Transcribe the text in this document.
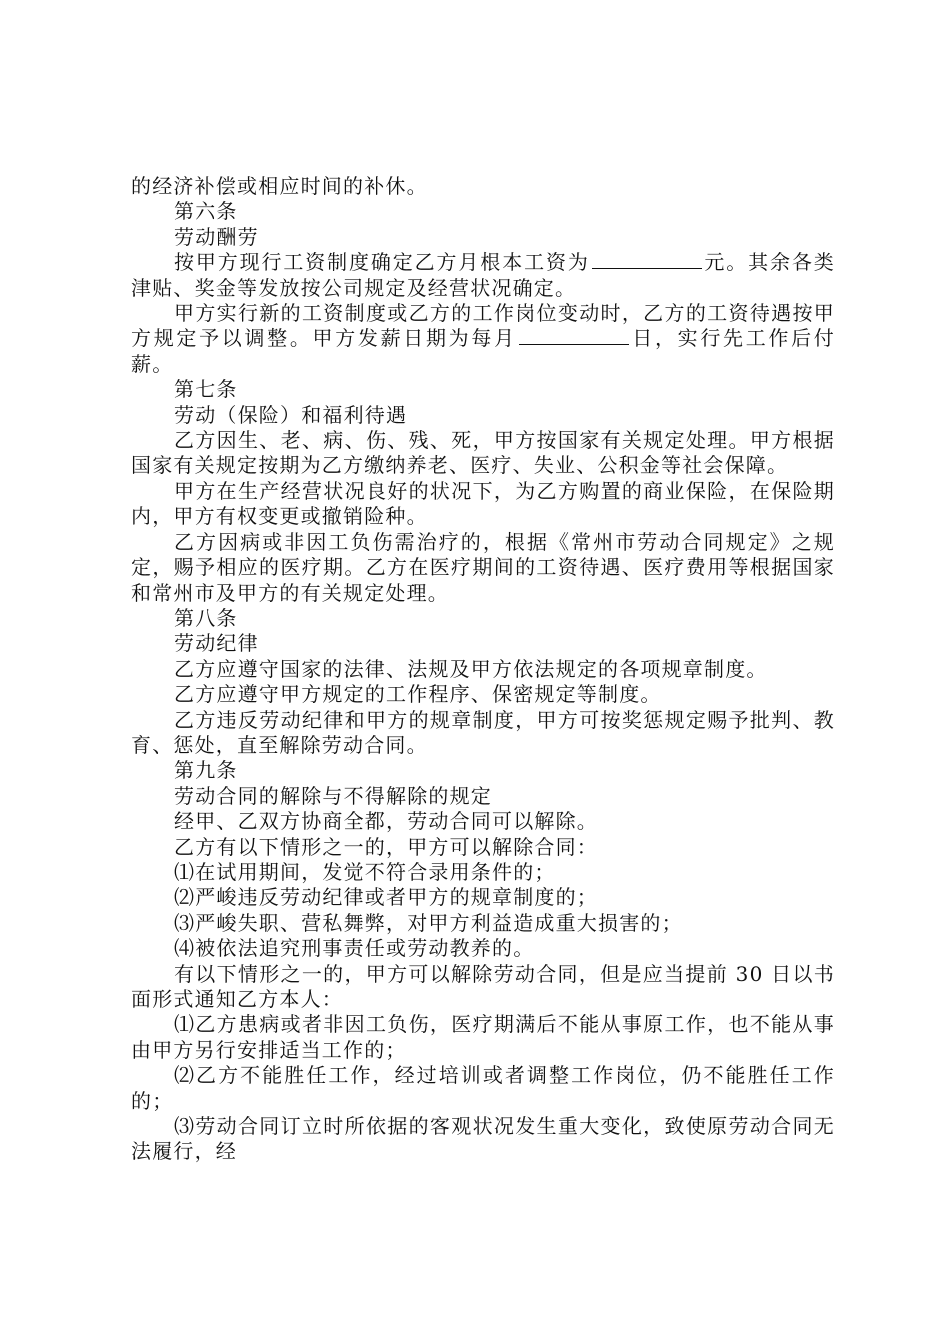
的经济补偿或相应时间的补休。

第六条

劳动酬劳

按甲方现行工资制度确定乙方月根本工资为	元。其余各类津贴、奖金等发放按公司规定及经营状况确定。

甲方实行新的工资制度或乙方的工作岗位变动时，乙方的工资待遇按甲方规定予以调整。甲方发薪日期为每月	日，实行先工作后付薪。

第七条

劳动（保险）和福利待遇

乙方因生、老、病、伤、残、死，甲方按国家有关规定处理。甲方根据国家有关规定按期为乙方缴纳养老、医疗、失业、公积金等社会保障。

甲方在生产经营状况良好的状况下，为乙方购置的商业保险，在保险期内，甲方有权变更或撤销险种。

乙方因病或非因工负伤需治疗的，根据《常州市劳动合同规定》之规定，赐予相应的医疗期。乙方在医疗期间的工资待遇、医疗费用等根据国家和常州市及甲方的有关规定处理。

第八条

劳动纪律

乙方应遵守国家的法律、法规及甲方依法规定的各项规章制度。

乙方应遵守甲方规定的工作程序、保密规定等制度。

乙方违反劳动纪律和甲方的规章制度，甲方可按奖惩规定赐予批判、教育、惩处，直至解除劳动合同。

第九条

劳动合同的解除与不得解除的规定

经甲、乙双方协商全都，劳动合同可以解除。

乙方有以下情形之一的，甲方可以解除合同：

⑴在试用期间，发觉不符合录用条件的；

⑵严峻违反劳动纪律或者甲方的规章制度的；

⑶严峻失职、营私舞弊，对甲方利益造成重大损害的；

⑷被依法追究刑事责任或劳动教养的。

有以下情形之一的，甲方可以解除劳动合同，但是应当提前 30 日以书面形式通知乙方本人：

⑴乙方患病或者非因工负伤，医疗期满后不能从事原工作，也不能从事由甲方另行安排适当工作的；

⑵乙方不能胜任工作，经过培训或者调整工作岗位，仍不能胜任工作的；

⑶劳动合同订立时所依据的客观状况发生重大变化，致使原劳动合同无法履行，经
